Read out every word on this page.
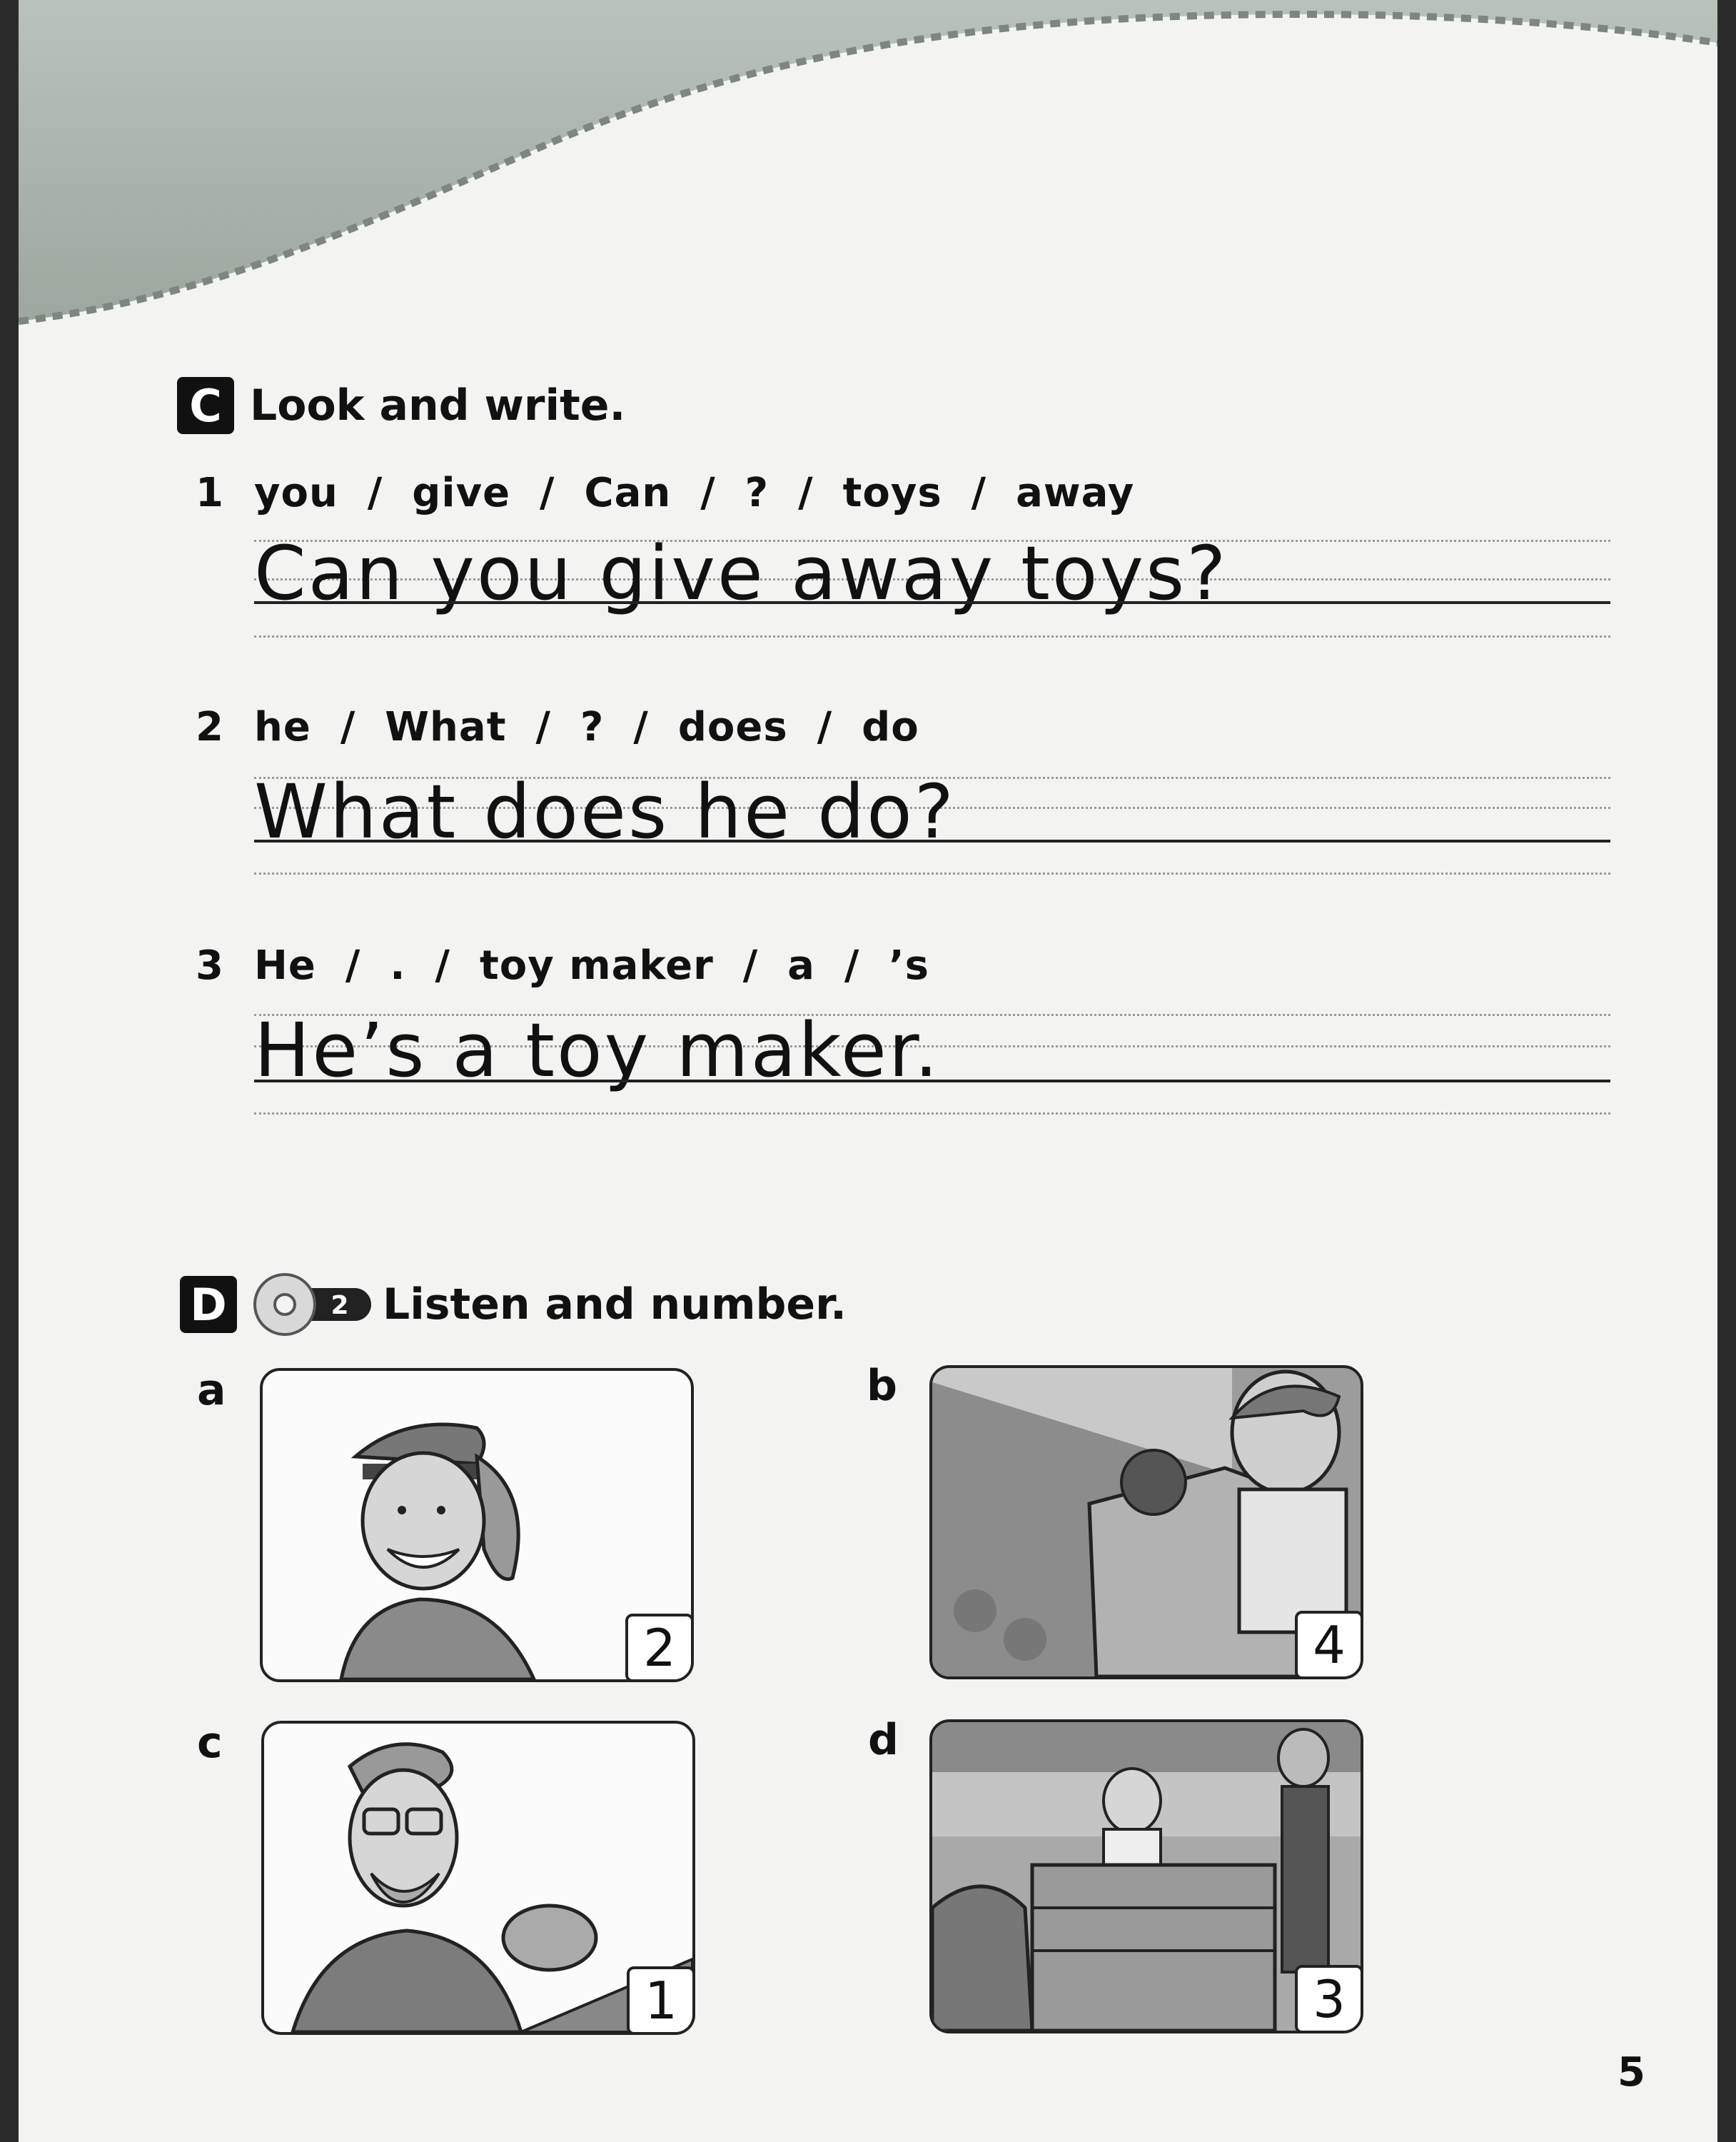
C Look and write.
1 you  /  give  /  Can  /  ?  /  toys  /  away
Can you give away toys?
2 he  /  What  /  ?  /  does  /  do
What does he do?
3 He  /  .  /  toy maker  /  a  /  ’s
He’s a toy maker.
D	2 Listen and number.
a
2
b
4
c
1
d
3
5
